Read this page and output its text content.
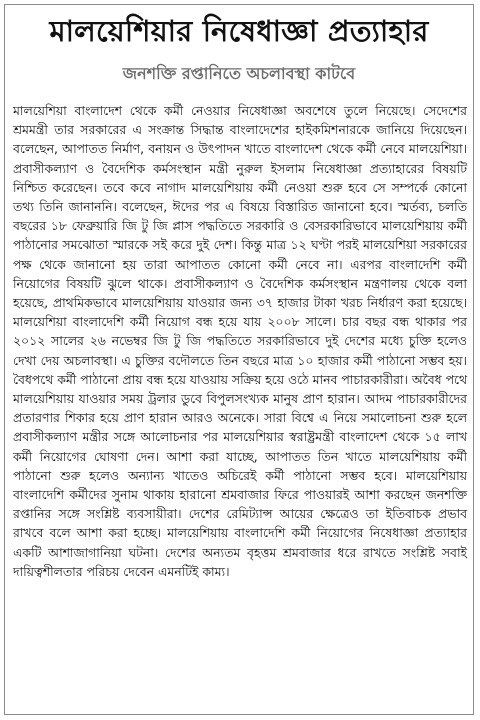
মালয়েশিয়ার নিষেধাজ্ঞা প্রত্যাহার
জনশক্তি রপ্তানিতে অচলাবস্থা কাটবে

মালয়েশিয়া বাংলাদেশ থেকে কর্মী নেওয়ার নিষেধাজ্ঞা অবশেষে তুলে নিয়েছে। সেদেশের শ্রমমন্ত্রী তার সরকারের এ সংক্রান্ত সিদ্ধান্ত বাংলাদেশের হাইকমিশনারকে জানিয়ে দিয়েছেন। বলেছেন, আপাতত নির্মাণ, বনায়ন ও উৎপাদন খাতে বাংলাদেশ থেকে কর্মী নেবে মালয়েশিয়া। প্রবাসীকল্যাণ ও বৈদেশিক কর্মসংস্থান মন্ত্রী নুরুল ইসলাম নিষেধাজ্ঞা প্রত্যাহারের বিষয়টি নিশ্চিত করেছেন। তবে কবে নাগাদ মালয়েশিয়ায় কর্মী নেওয়া শুরু হবে সে সম্পর্কে কোনো তথ্য তিনি জানাননি। বলেছেন, ঈদের পর এ বিষয়ে বিস্তারিত জানানো হবে। স্মর্তব্য, চলতি বছরের ১৮ ফেব্রুয়ারি জি টু জি প্লাস পদ্ধতিতে সরকারি ও বেসরকারিভাবে মালয়েশিয়ায় কর্মী পাঠানোর সমঝোতা স্মারকে সই করে দুই দেশ। কিন্তু মাত্র ১২ ঘণ্টা পরই মালয়েশিয়া সরকারের পক্ষ থেকে জানানো হয় তারা আপাতত কোনো কর্মী নেবে না। এরপর বাংলাদেশি কর্মী নিয়োগের বিষয়টি ঝুলে থাকে। প্রবাসীকল্যাণ ও বৈদেশিক কর্মসংস্থান মন্ত্রণালয় থেকে বলা হয়েছে, প্রাথমিকভাবে মালয়েশিয়ায় যাওয়ার জন্য ৩৭ হাজার টাকা খরচ নির্ধারণ করা হয়েছে। মালয়েশিয়া বাংলাদেশি কর্মী নিয়োগ বন্ধ হয়ে যায় ২০০৮ সালে। চার বছর বন্ধ থাকার পর ২০১২ সালের ২৬ নভেম্বর জি টু জি পদ্ধতিতে সরকারিভাবে দুই দেশের মধ্যে চুক্তি হলেও দেখা দেয় অচলাবস্থা। এ চুক্তির বদৌলতে তিন বছরে মাত্র ১০ হাজার কর্মী পাঠানো সম্ভব হয়। বৈধপথে কর্মী পাঠানো প্রায় বন্ধ হয়ে যাওয়ায় সক্রিয় হয়ে ওঠে মানব পাচারকারীরা। অবৈধ পথে মালয়েশিয়ায় যাওয়ার সময় ট্রলার ডুবে বিপুলসংখ্যক মানুষ প্রাণ হারান। আদম পাচারকারীদের প্রতারণার শিকার হয়ে প্রাণ হারান আরও অনেকে। সারা বিশ্বে এ নিয়ে সমালোচনা শুরু হলে প্রবাসীকল্যাণ মন্ত্রীর সঙ্গে আলোচনার পর মালয়েশিয়ার স্বরাষ্ট্রমন্ত্রী বাংলাদেশ থেকে ১৫ লাখ কর্মী নিয়োগের ঘোষণা দেন। আশা করা যাচ্ছে, আপাতত তিন খাতে মালয়েশিয়ায় কর্মী পাঠানো শুরু হলেও অন্যান্য খাতেও অচিরেই কর্মী পাঠানো সম্ভব হবে। মালয়েশিয়ায় বাংলাদেশি কর্মীদের সুনাম থাকায় হারানো শ্রমবাজার ফিরে পাওয়ারই আশা করছেন জনশক্তি রপ্তানির সঙ্গে সংশ্লিষ্ট ব্যবসায়ীরা। দেশের রেমিট্যান্স আয়ের ক্ষেত্রেও তা ইতিবাচক প্রভাব রাখবে বলে আশা করা হচ্ছে। মালয়েশিয়ায় বাংলাদেশি কর্মী নিয়োগের নিষেধাজ্ঞা প্রত্যাহার একটি আশাজাগানিয়া ঘটনা। দেশের অন্যতম বৃহত্তম শ্রমবাজার ধরে রাখতে সংশ্লিষ্ট সবাই দায়িত্বশীলতার পরিচয় দেবেন এমনটিই কাম্য।
